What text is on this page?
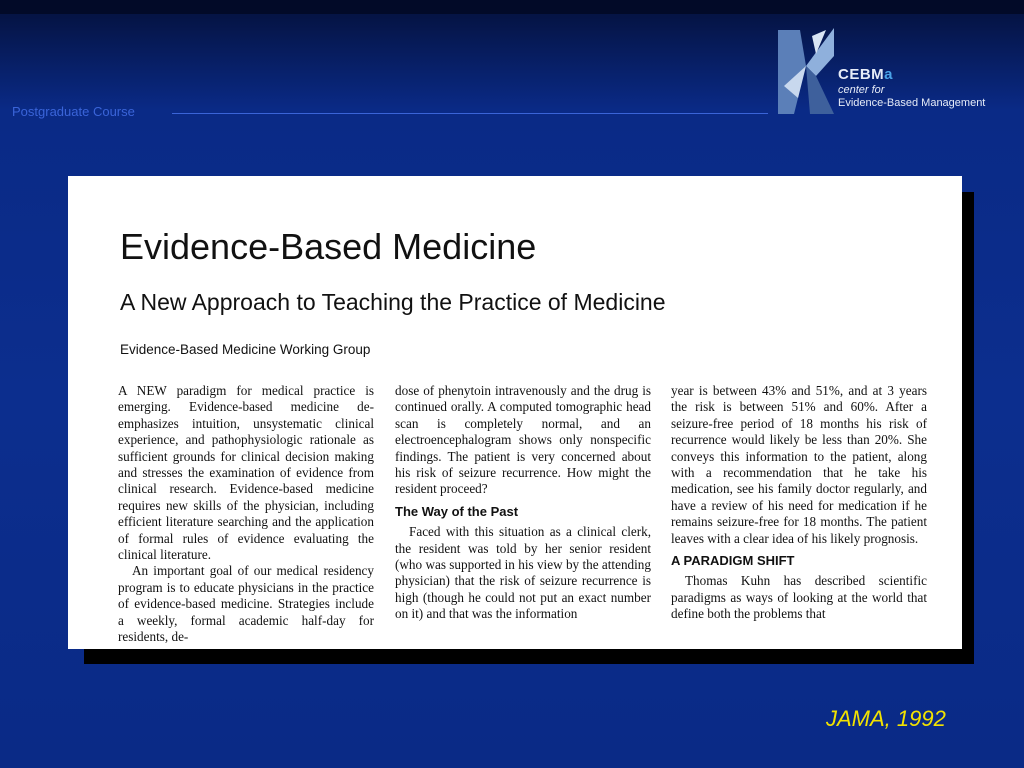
Postgraduate Course
CEBMa
center for
Evidence-Based Management
Evidence-Based Medicine
A New Approach to Teaching the Practice of Medicine
Evidence-Based Medicine Working Group

A NEW paradigm for medical practice is emerging. Evidence-based medicine de-emphasizes intuition, unsystematic clinical experience, and pathophysiologic rationale as sufficient grounds for clinical decision making and stresses the examination of evidence from clinical research. Evidence-based medicine requires new skills of the physician, including efficient literature searching and the application of formal rules of evidence evaluating the clinical literature.

An important goal of our medical residency program is to educate physicians in the practice of evidence-based medicine. Strategies include a weekly, formal academic half-day for residents, de-

dose of phenytoin intravenously and the drug is continued orally. A computed tomographic head scan is completely normal, and an electroencephalogram shows only nonspecific findings. The patient is very concerned about his risk of seizure recurrence. How might the resident proceed?

The Way of the Past

Faced with this situation as a clinical clerk, the resident was told by her senior resident (who was supported in his view by the attending physician) that the risk of seizure recurrence is high (though he could not put an exact number on it) and that was the information

year is between 43% and 51%, and at 3 years the risk is between 51% and 60%. After a seizure-free period of 18 months his risk of recurrence would likely be less than 20%. She conveys this information to the patient, along with a recommendation that he take his medication, see his family doctor regularly, and have a review of his need for medication if he remains seizure-free for 18 months. The patient leaves with a clear idea of his likely prognosis.

A PARADIGM SHIFT

Thomas Kuhn has described scientific paradigms as ways of looking at the world that define both the problems that

JAMA, 1992
